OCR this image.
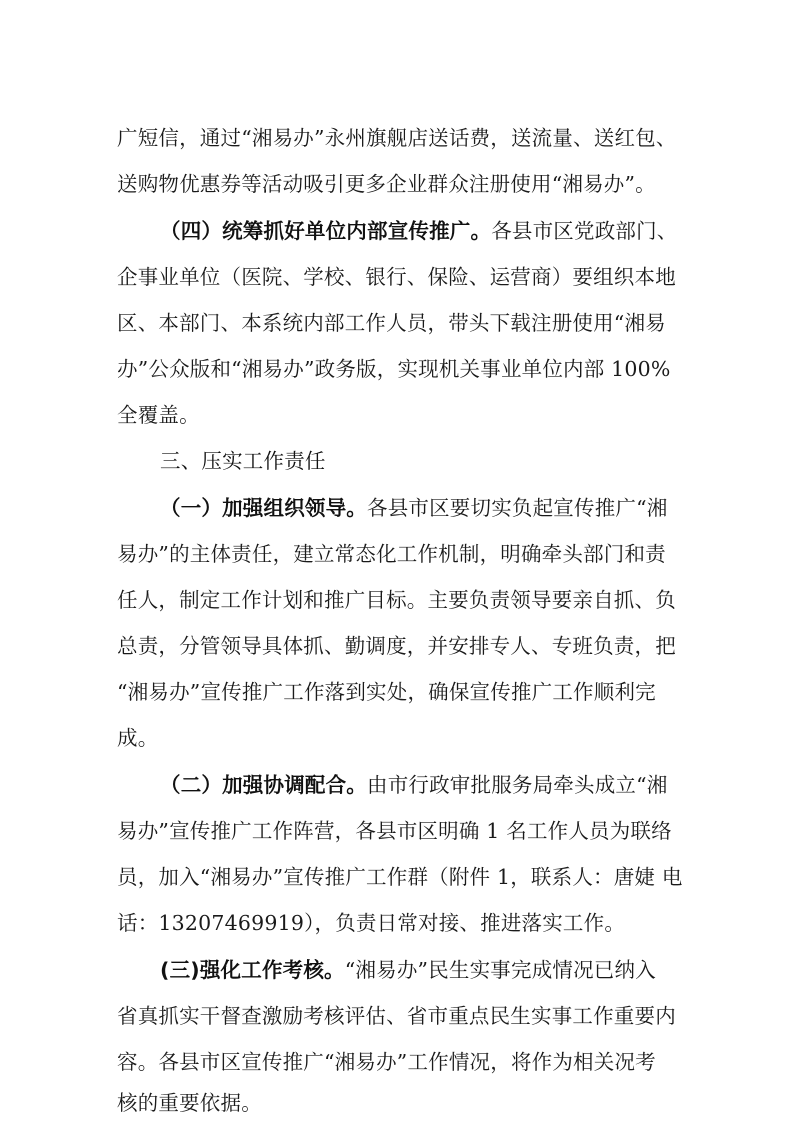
广短信，通过“湘易办”永州旗舰店送话费，送流量、送红包、
送购物优惠券等活动吸引更多企业群众注册使用“湘易办”。
（四）统筹抓好单位内部宣传推广。各县市区党政部门、
企事业单位（医院、学校、银行、保险、运营商）要组织本地
区、本部门、本系统内部工作人员，带头下载注册使用“湘易
办”公众版和“湘易办”政务版，实现机关事业单位内部 100%
全覆盖。
三、压实工作责任
（一）加强组织领导。各县市区要切实负起宣传推广“湘
易办”的主体责任，建立常态化工作机制，明确牵头部门和责
任人，制定工作计划和推广目标。主要负责领导要亲自抓、负
总责，分管领导具体抓、勤调度，并安排专人、专班负责，把
“湘易办”宣传推广工作落到实处，确保宣传推广工作顺利完
成。
（二）加强协调配合。由市行政审批服务局牵头成立“湘
易办”宣传推广工作阵营，各县市区明确 1 名工作人员为联络
员，加入“湘易办”宣传推广工作群（附件 1，联系人：唐婕 电
话：13207469919），负责日常对接、推进落实工作。
(三)强化工作考核。“湘易办”民生实事完成情况已纳入
省真抓实干督查激励考核评估、省市重点民生实事工作重要内
容。各县市区宣传推广“湘易办”工作情况，将作为相关况考
核的重要依据。
